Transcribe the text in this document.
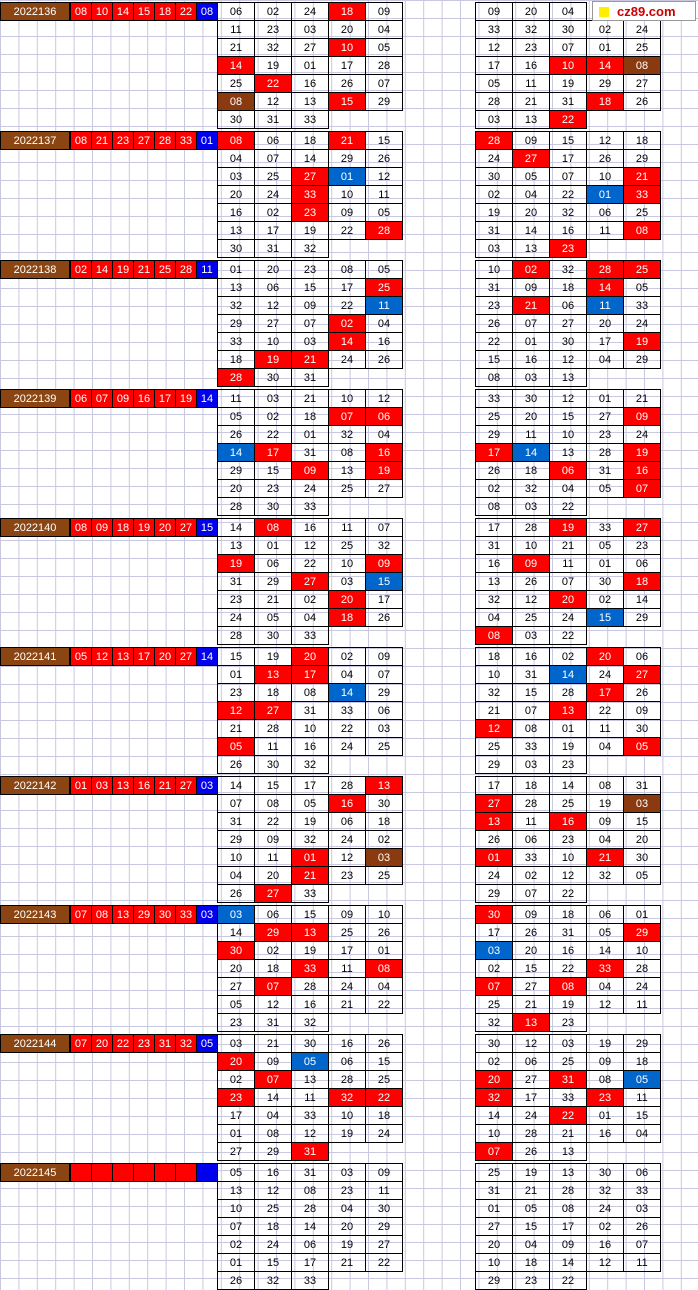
2022136	08 10 14 15 18 22 08	06	02	24	18	09
11	23	03	20	04
21	32	27	10	05
14	19	01	17	28
25	22	16	26	07
08	12	13	15	29
30	31	33
09	20	04
33	32	30	02	24
12	23	07	01	25
17	16	10	14	08
05	11	19	29	27
28	21	31	18	26
03	13	22
2022137	08 21 23 27 28 33 01	08	06	18	21	15
04	07	14	29	26
03	25	27	01	12
20	24	33	10	11
16	02	23	09	05
13	17	19	22	28
30	31	32
28	09	15	12	18
24	27	17	26	29
30	05	07	10	21
02	04	22	01	33
19	20	32	06	25
31	14	16	11	08
03	13	23
2022138	02 14 19 21 25 28 11	01	20	23	08	05
13	06	15	17	25
32	12	09	22	11
29	27	07	02	04
33	10	03	14	16
18	19	21	24	26
28	30	31
10	02	32	28	25
31	09	18	14	05
23	21	06	11	33
26	07	27	20	24
22	01	30	17	19
15	16	12	04	29
08	03	13
2022139	06 07 09 16 17 19 14	11	03	21	10	12
05	02	18	07	06
26	22	01	32	04
14	17	31	08	16
29	15	09	13	19
20	23	24	25	27
28	30	33
33	30	12	01	21
25	20	15	27	09
29	11	10	23	24
17	14	13	28	19
26	18	06	31	16
02	32	04	05	07
08	03	22
2022140	08 09 18 19 20 27 15	14	08	16	11	07
13	01	12	25	32
19	06	22	10	09
31	29	27	03	15
23	21	02	20	17
24	05	04	18	26
28	30	33
17	28	19	33	27
31	10	21	05	23
16	09	11	01	06
13	26	07	30	18
32	12	20	02	14
04	25	24	15	29
08	03	22
2022141	05 12 13 17 20 27 14	15	19	20	02	09
01	13	17	04	07
23	18	08	14	29
12	27	31	33	06
21	28	10	22	03
05	11	16	24	25
26	30	32
18	16	02	20	06
10	31	14	24	27
32	15	28	17	26
21	07	13	22	09
12	08	01	11	30
25	33	19	04	05
29	03	23
2022142	01 03 13 16 21 27 03	14	15	17	28	13
07	08	05	16	30
31	22	19	06	18
29	09	32	24	02
10	11	01	12	03
04	20	21	23	25
26	27	33
17	18	14	08	31
27	28	25	19	03
13	11	16	09	15
26	06	23	04	20
01	33	10	21	30
24	02	12	32	05
29	07	22
2022143	07 08 13 29 30 33 03	03	06	15	09	10
14	29	13	25	26
30	02	19	17	01
20	18	33	11	08
27	07	28	24	04
05	12	16	21	22
23	31	32
30	09	18	06	01
17	26	31	05	29
03	20	16	14	10
02	15	22	33	28
07	27	08	04	24
25	21	19	12	11
32	13	23
2022144	07 20 22 23 31 32 05	03	21	30	16	26
20	09	05	06	15
02	07	13	28	25
23	14	11	32	22
17	04	33	10	18
01	08	12	19	24
27	29	31
30	12	03	19	29
02	06	25	09	18
20	27	31	08	05
32	17	33	23	11
14	24	22	01	15
10	28	21	16	04
07	26	13
2022145	05	16	31	03	09
13	12	08	23	11
10	25	28	04	30
07	18	14	20	29
02	24	06	19	27
01	15	17	21	22
26	32	33
25	19	13	30	06
31	21	28	32	33
01	05	08	24	03
27	15	17	02	26
20	04	09	16	07
10	18	14	12	11
29	23	22
cz89.com
